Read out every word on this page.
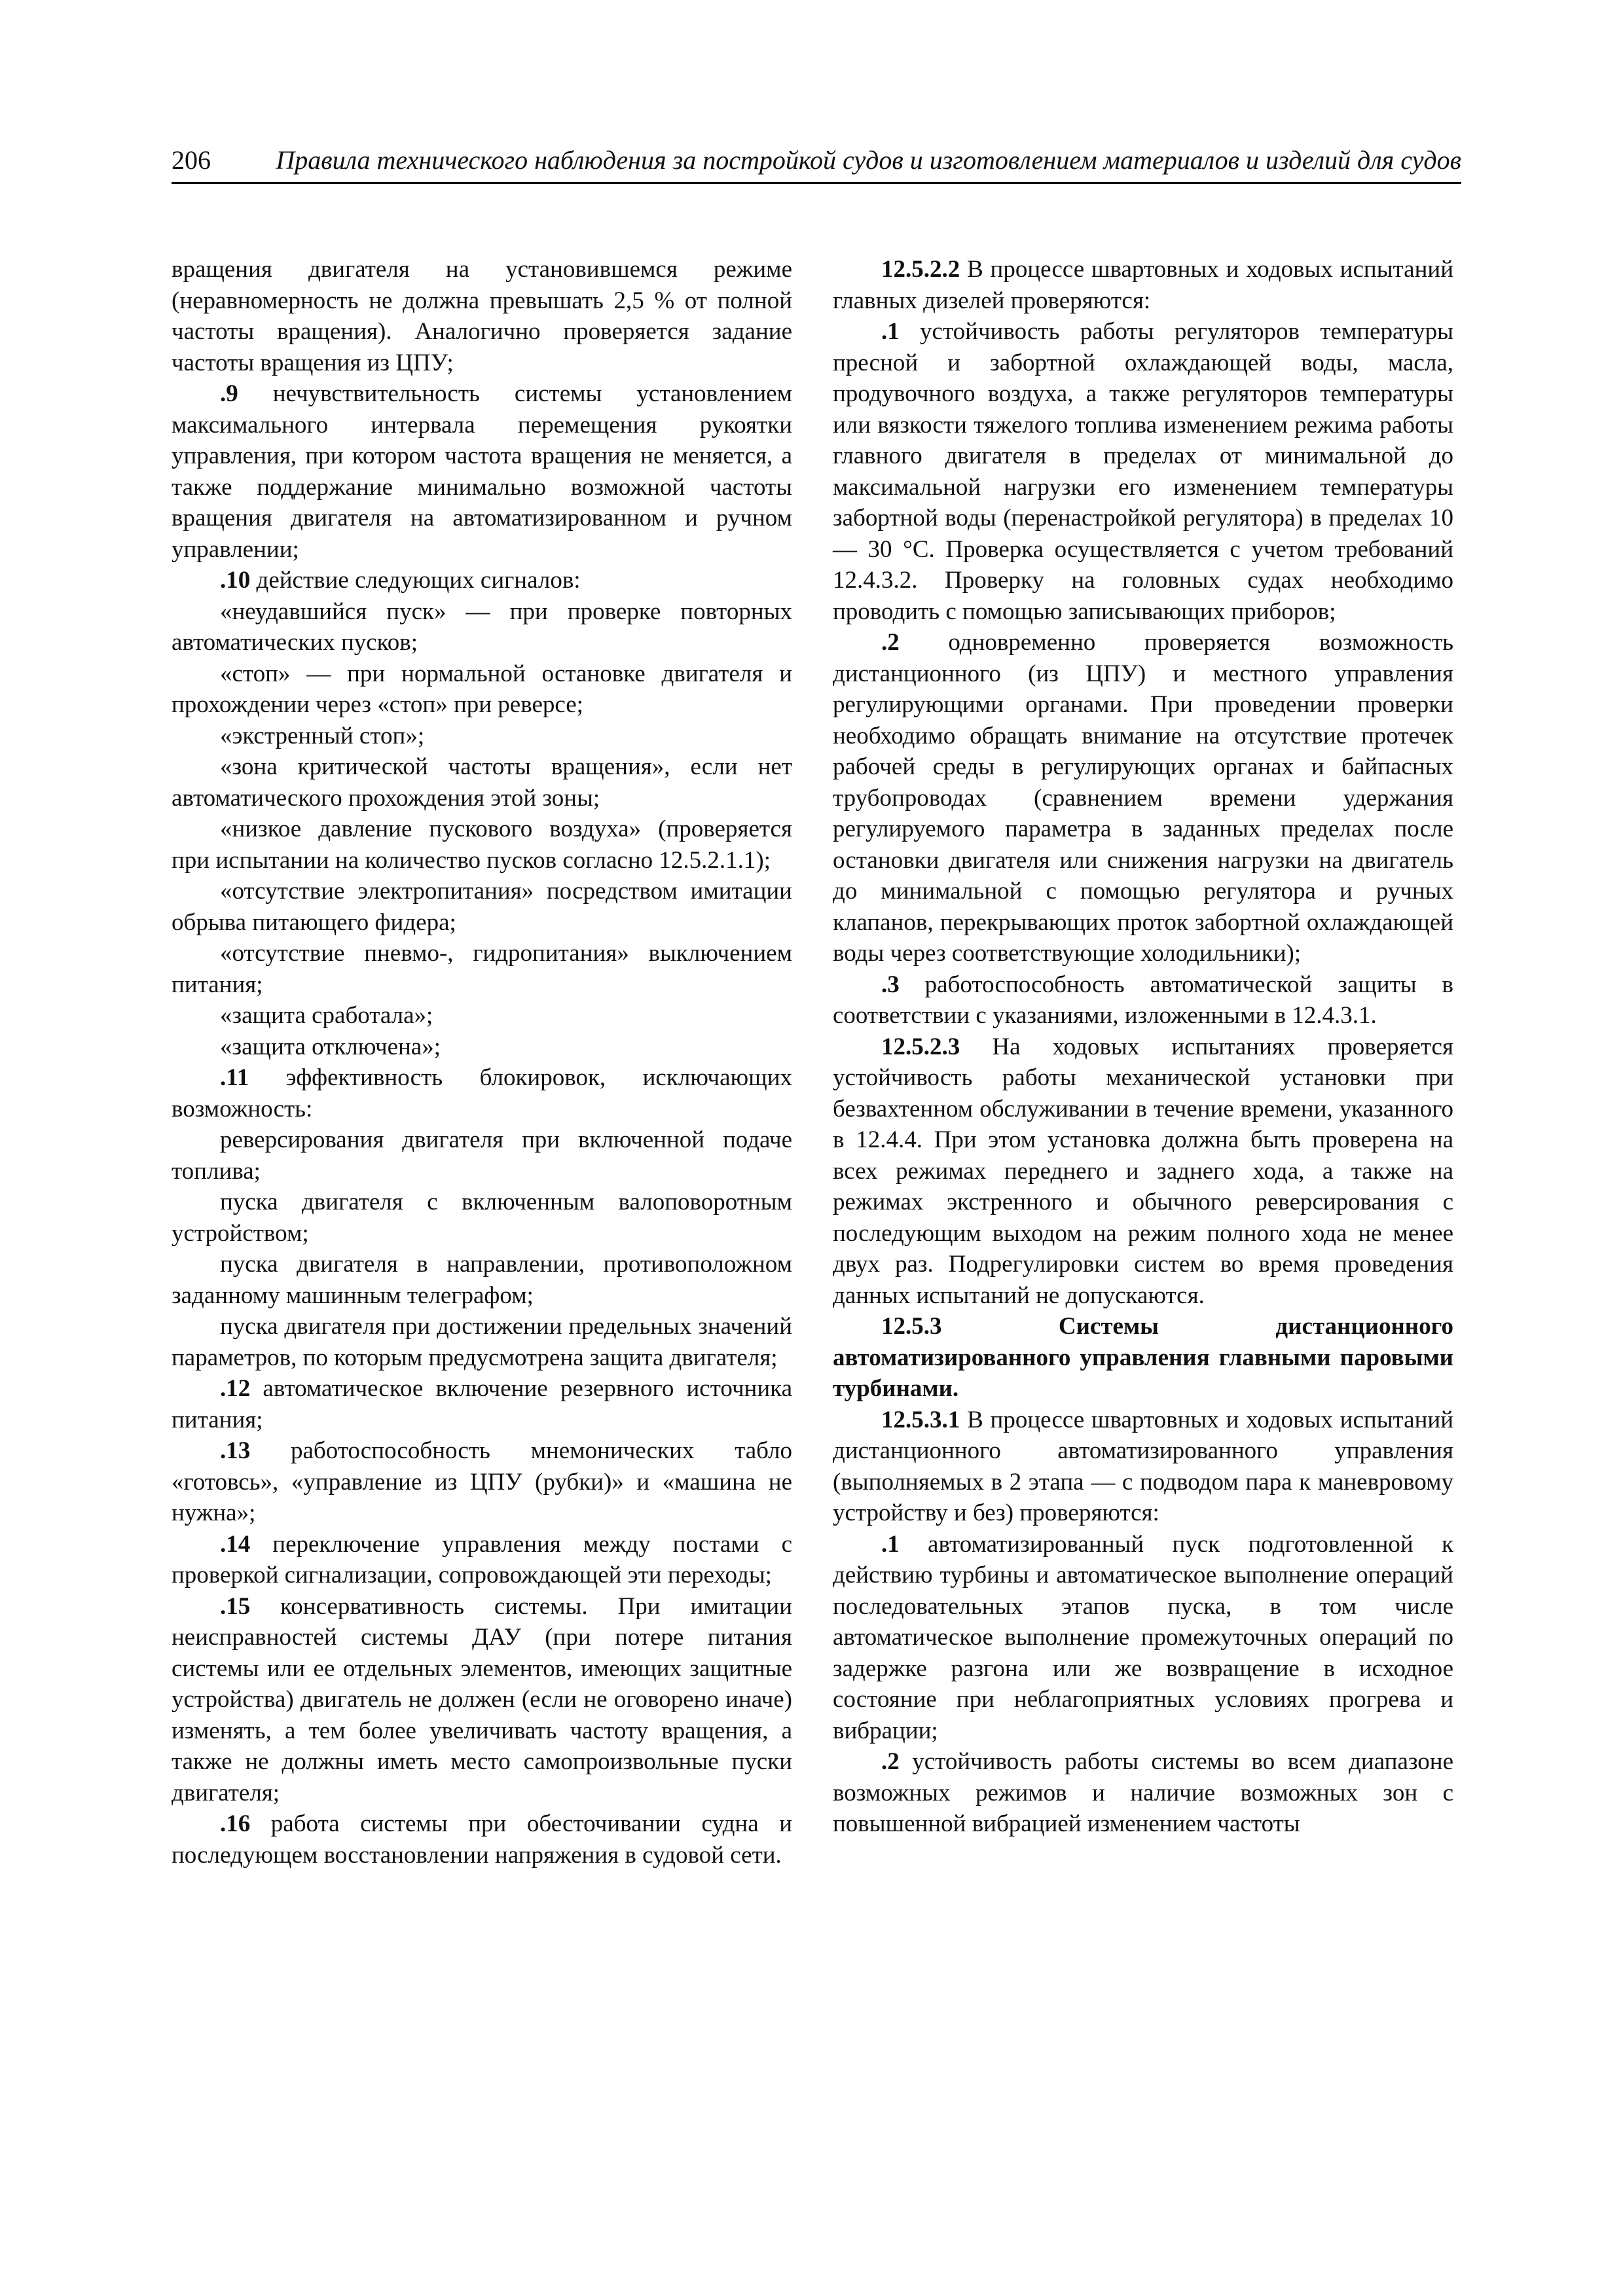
206 Правила технического наблюдения за постройкой судов и изготовлением материалов и изделий для судов

вращения двигателя на установившемся режиме (неравномерность не должна превышать 2,5 % от полной частоты вращения). Аналогично проверяется задание частоты вращения из ЦПУ;

.9 нечувствительность системы установлением максимального интервала перемещения рукоятки управления, при котором частота вращения не меняется, а также поддержание минимально возможной частоты вращения двигателя на автоматизированном и ручном управлении;

.10 действие следующих сигналов:

«неудавшийся пуск» — при проверке повторных автоматических пусков;

«стоп» — при нормальной остановке двигателя и прохождении через «стоп» при реверсе;

«экстренный стоп»;

«зона критической частоты вращения», если нет автоматического прохождения этой зоны;

«низкое давление пускового воздуха» (проверяется при испытании на количество пусков согласно 12.5.2.1.1);

«отсутствие электропитания» посредством имитации обрыва питающего фидера;

«отсутствие пневмо-, гидропитания» выключением питания;

«защита сработала»;

«защита отключена»;

.11 эффективность блокировок, исключающих возможность:

реверсирования двигателя при включенной подаче топлива;

пуска двигателя с включенным валоповоротным устройством;

пуска двигателя в направлении, противоположном заданному машинным телеграфом;

пуска двигателя при достижении предельных значений параметров, по которым предусмотрена защита двигателя;

.12 автоматическое включение резервного источника питания;

.13 работоспособность мнемонических табло «готовсь», «управление из ЦПУ (рубки)» и «машина не нужна»;

.14 переключение управления между постами с проверкой сигнализации, сопровождающей эти переходы;

.15 консервативность системы. При имитации неисправностей системы ДАУ (при потере питания системы или ее отдельных элементов, имеющих защитные устройства) двигатель не должен (если не оговорено иначе) изменять, а тем более увеличивать частоту вращения, а также не должны иметь место самопроизвольные пуски двигателя;

.16 работа системы при обесточивании судна и последующем восстановлении напряжения в судовой сети.

12.5.2.2 В процессе швартовных и ходовых испытаний главных дизелей проверяются:

.1 устойчивость работы регуляторов температуры пресной и забортной охлаждающей воды, масла, продувочного воздуха, а также регуляторов температуры или вязкости тяжелого топлива изменением режима работы главного двигателя в пределах от минимальной до максимальной нагрузки его изменением температуры забортной воды (перенастройкой регулятора) в пределах 10 — 30 °С. Проверка осуществляется с учетом требований 12.4.3.2. Проверку на головных судах необходимо проводить с помощью записывающих приборов;

.2 одновременно проверяется возможность дистанционного (из ЦПУ) и местного управления регулирующими органами. При проведении проверки необходимо обращать внимание на отсутствие протечек рабочей среды в регулирующих органах и байпасных трубопроводах (сравнением времени удержания регулируемого параметра в заданных пределах после остановки двигателя или снижения нагрузки на двигатель до минимальной с помощью регулятора и ручных клапанов, перекрывающих проток забортной охлаждающей воды через соответствующие холодильники);

.3 работоспособность автоматической защиты в соответствии с указаниями, изложенными в 12.4.3.1.

12.5.2.3 На ходовых испытаниях проверяется устойчивость работы механической установки при безвахтенном обслуживании в течение времени, указанного в 12.4.4. При этом установка должна быть проверена на всех режимах переднего и заднего хода, а также на режимах экстренного и обычного реверсирования с последующим выходом на режим полного хода не менее двух раз. Подрегулировки систем во время проведения данных испытаний не допускаются.

12.5.3 Системы дистанционного автоматизированного управления главными паровыми турбинами.

12.5.3.1 В процессе швартовных и ходовых испытаний дистанционного автоматизированного управления (выполняемых в 2 этапа — с подводом пара к маневровому устройству и без) проверяются:

.1 автоматизированный пуск подготовленной к действию турбины и автоматическое выполнение операций последовательных этапов пуска, в том числе автоматическое выполнение промежуточных операций по задержке разгона или же возвращение в исходное состояние при неблагоприятных условиях прогрева и вибрации;

.2 устойчивость работы системы во всем диапазоне возможных режимов и наличие возможных зон с повышенной вибрацией изменением частоты
